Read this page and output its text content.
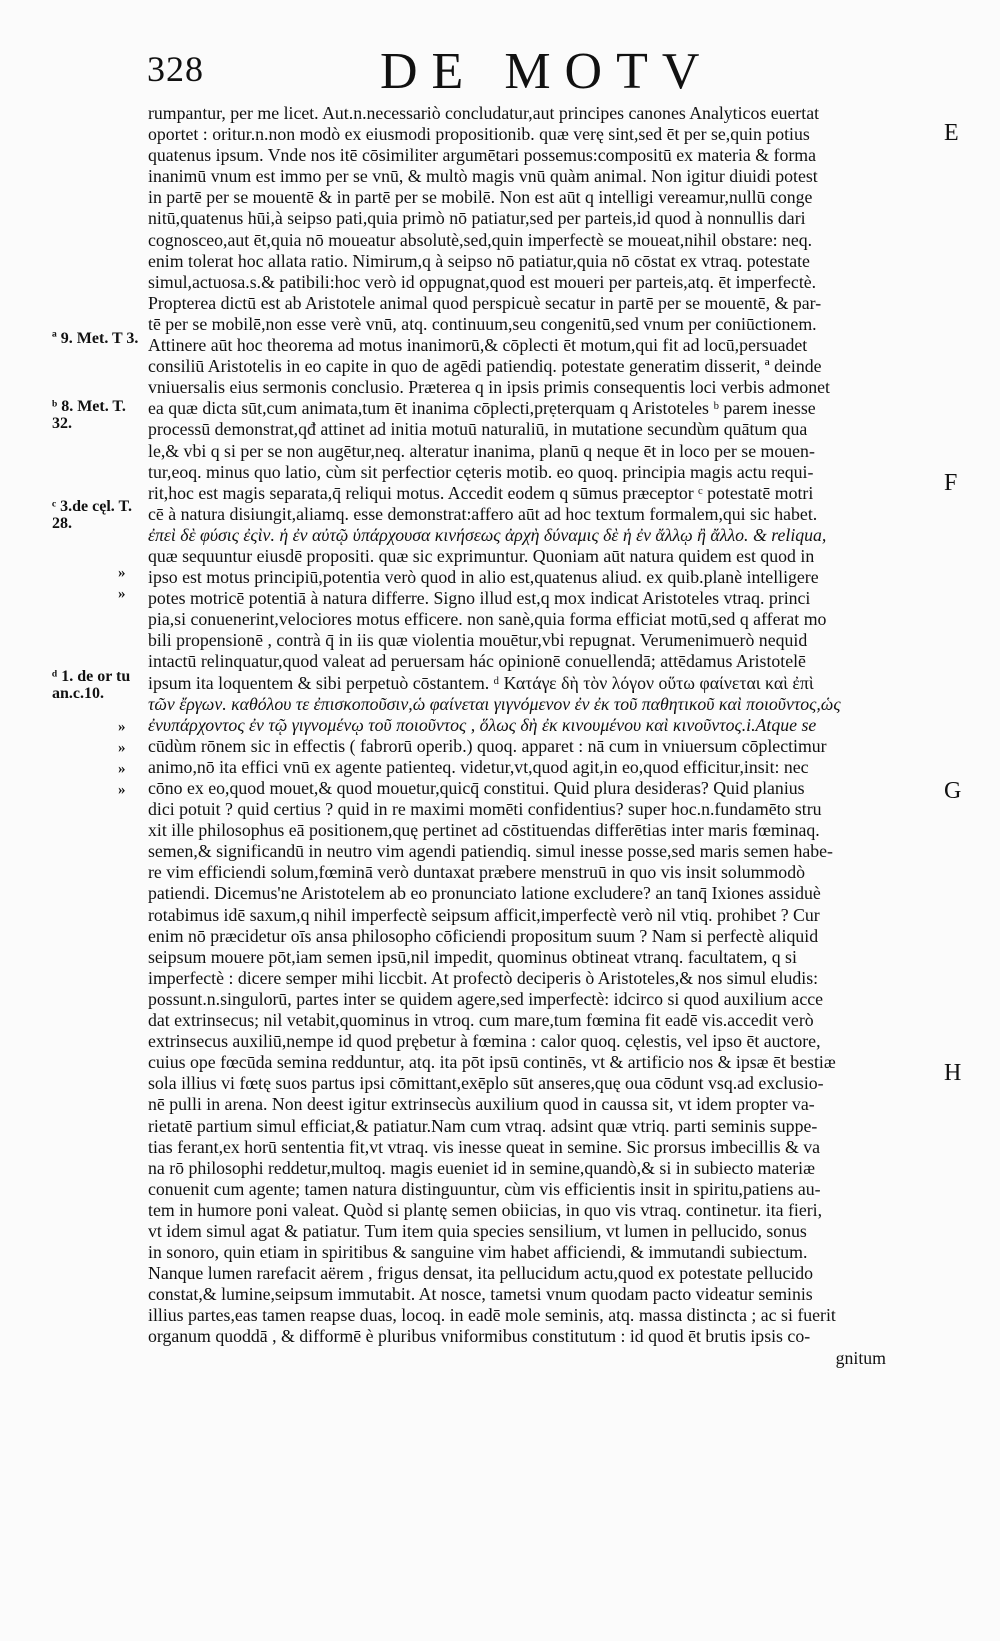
328	DE MOTV
rumpantur, per me licet. Aut.n.necessariò concludatur,aut principes canones Analyticos euertat
oportet : oritur.n.non modò ex eiusmodi propositionib. quæ verę sint,sed ēt per se,quin potius
quatenus ipsum. Vnde nos itē cōsimiliter argumētari possemus:compositū ex materia & forma
inanimū vnum est immo per se vnū, & multò magis vnū quàm animal. Non igitur diuidi potest
in partē per se mouentē & in partē per se mobilē. Non est aūt q intelligi vereamur,nullū conge
nitū,quatenus hūi,à seipso pati,quia primò nō patiatur,sed per parteis,id quod à nonnullis dari
cognosceo,aut ēt,quia nō moueatur absolutè,sed,quin imperfectè se moueat,nihil obstare: neq.
enim tolerat hoc allata ratio. Nimirum,q à seipso nō patiatur,quia nō cōstat ex vtraq. potestate
simul,actuosa.s.& patibili:hoc verò id oppugnat,quod est moueri per parteis,atq. ēt imperfectè.
Propterea dictū est ab Aristotele animal quod perspicuè secatur in partē per se mouentē, & par-
tē per se mobilē,non esse verè vnū, atq. continuum,seu congenitū,sed vnum per coniūctionem.
Attinere aūt hoc theorema ad motus inanimorū,& cōplecti ēt motum,qui fit ad locū,persuadet
consiliū Aristotelis in eo capite in quo de agēdi patiendiq. potestate generatim disserit, ª deinde
vniuersalis eius sermonis conclusio. Præterea q in ipsis primis consequentis loci verbis admonet
ea quæ dicta sūt,cum animata,tum ēt inanima cōplecti,prẹterquam q Aristoteles ᵇ parem inesse
processū demonstrat,qđ attinet ad initia motuū naturaliū, in mutatione secundùm quātum qua
le,& vbi q si per se non augētur,neq. alteratur inanima, planū q neque ēt in loco per se mouen-
tur,eoq. minus quo latio, cùm sit perfectior cęteris motib. eo quoq. principia magis actu requi-
rit,hoc est magis separata,q̄ reliqui motus. Accedit eodem q sūmus præceptor ᶜ potestatē motri
cē à natura disiungit,aliamq. esse demonstrat:affero aūt ad hoc textum formalem,qui sic habet.
ἐπεὶ δὲ φύσις ἐςὶν. ἡ ἐν αὐτῷ ὑπάρχουσα κινήσεως ἀρχὴ δύναμις δὲ ἡ ἐν ἄλλῳ ἢ ἄλλο. & reliqua,
quæ sequuntur eiusdē propositi. quæ sic exprimuntur. Quoniam aūt natura quidem est quod in
ipso est motus principiū,potentia verò quod in alio est,quatenus aliud. ex quib.planè intelligere
potes motricē potentiā à natura differre. Signo illud est,q mox indicat Aristoteles vtraq. princi
pia,si conuenerint,velociores motus efficere. non sanè,quia forma efficiat motū,sed q afferat mo
bili propensionē , contrà q̄ in iis quæ violentia mouētur,vbi repugnat. Verumenimuerò nequid
intactū relinquatur,quod valeat ad peruersam hác opinionē conuellendā; attēdamus Aristotelē
ipsum ita loquentem & sibi perpetuò cōstantem. ᵈ Κατάγε δὴ τὸν λόγον οὕτω φαίνεται καὶ ἐπὶ
τῶν ἔργων. καθόλου τε ἐπισκοποῦσιν,ὡ φαίνεται γιγνόμενον ἐν ἐκ τοῦ παθητικοῦ καὶ ποιοῦντος,ὡς
ἐνυπάρχοντος ἐν τῷ γιγνομένῳ τοῦ ποιοῦντος , ὅλως δὴ ἐκ κινουμένου καὶ κινοῦντος.i.Atque se
cūdùm rōnem sic in effectis ( fabrorū operib.) quoq. apparet : nā cum in vniuersum cōplectimur
animo,nō ita effici vnū ex agente patienteq. videtur,vt,quod agit,in eo,quod efficitur,insit: nec
cōno ex eo,quod mouet,& quod mouetur,quicq̄ constitui. Quid plura desideras? Quid planius
dici potuit ? quid certius ? quid in re maximi momēti confidentius? super hoc.n.fundamēto stru
xit ille philosophus eā positionem,quę pertinet ad cōstituendas differētias inter maris fœminaq.
semen,& significandū in neutro vim agendi patiendiq. simul inesse posse,sed maris semen habe-
re vim efficiendi solum,fœminā verò duntaxat præbere menstruū in quo vis insit solummodò
patiendi. Dicemus'ne Aristotelem ab eo pronunciato latione excludere? an tanq̄ Ixiones assiduè
rotabimus idē saxum,q nihil imperfectè seipsum afficit,imperfectè verò nil vtiq. prohibet ? Cur
enim nō præcidetur oīs ansa philosopho cōficiendi propositum suum ? Nam si perfectè aliquid
seipsum mouere pōt,iam semen ipsū,nil impedit, quominus obtineat vtranq. facultatem, q si
imperfectè : dicere semper mihi liccbit. At profectò deciperis ò Aristoteles,& nos simul eludis:
possunt.n.singulorū, partes inter se quidem agere,sed imperfectè: idcirco si quod auxilium acce
dat extrinsecus; nil vetabit,quominus in vtroq. cum mare,tum fœmina fit eadē vis.accedit verò
extrinsecus auxiliū,nempe id quod prębetur à fœmina : calor quoq. cęlestis, vel ipso ēt auctore,
cuius ope fœcūda semina redduntur, atq. ita pōt ipsū continēs, vt & artificio nos & ipsæ ēt bestiæ
sola illius vi fœtę suos partus ipsi cōmittant,exēplo sūt anseres,quę oua cōdunt vsq.ad exclusio-
nē pulli in arena. Non deest igitur extrinsecùs auxilium quod in caussa sit, vt idem propter va-
rietatē partium simul efficiat,& patiatur.Nam cum vtraq. adsint quæ vtriq. parti seminis suppe-
tias ferant,ex horū sententia fit,vt vtraq. vis inesse queat in semine. Sic prorsus imbecillis & va
na rō philosophi reddetur,multoq. magis eueniet id in semine,quandò,& si in subiecto materiæ
conuenit cum agente; tamen natura distinguuntur, cùm vis efficientis insit in spiritu,patiens au-
tem in humore poni valeat. Quòd si plantę semen obiicias, in quo vis vtraq. continetur. ita fieri,
vt idem simul agat & patiatur. Tum item quia species sensilium, vt lumen in pellucido, sonus
in sonoro, quin etiam in spiritibus & sanguine vim habet afficiendi, & immutandi subiectum.
Nanque lumen rarefacit aërem , frigus densat, ita pellucidum actu,quod ex potestate pellucido
constat,& lumine,seipsum immutabit. At nosce, tametsi vnum quodam pacto videatur seminis
illius partes,eas tamen reapse duas, locoq. in eadē mole seminis, atq. massa distincta ; ac si fuerit
organum quoddā , & difformē è pluribus vniformibus constitutum : id quod ēt brutis ipsis co-
gnitum
ª 9. Met. T 3.
ᵇ 8. Met. T. 32.
ᶜ 3.de cęl. T. 28.
ᵈ 1. de or tu an.c.10.
»
»
»
»
»
»
E
F
G
H
